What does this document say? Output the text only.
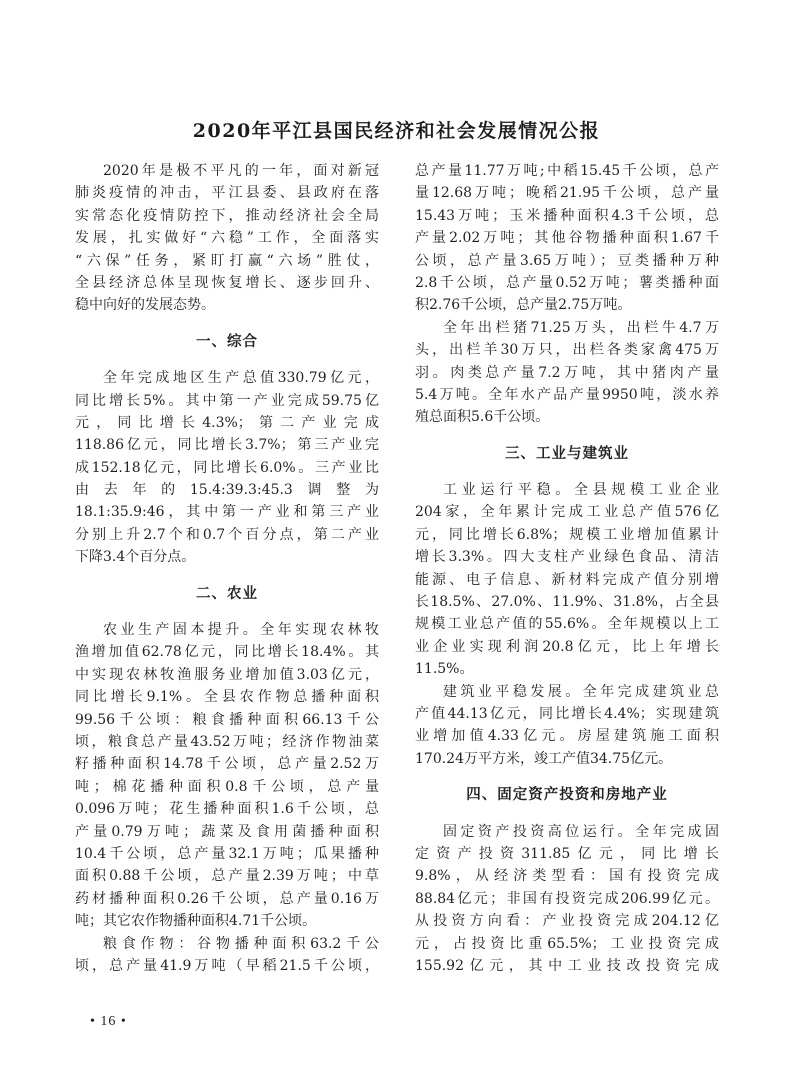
2020年平江县国民经济和社会发展情况公报
2020年是极不平凡的一年，面对新冠
肺炎疫情的冲击，平江县委、县政府在落
实常态化疫情防控下，推动经济社会全局
发展，扎实做好“六稳”工作，全面落实
“六保”任务，紧盯打赢“六场”胜仗，
全县经济总体呈现恢复增长、逐步回升、
稳中向好的发展态势。
一、综合
全年完成地区生产总值330.79亿元，
同比增长5%。其中第一产业完成59.75亿
元，同比增长4.3%；第二产业完成
118.86亿元，同比增长3.7%；第三产业完
成152.18亿元，同比增长6.0%。三产业比
由去年的15.4:39.3:45.3调整为
18.1:35.9:46，其中第一产业和第三产业
分别上升2.7个和0.7个百分点，第二产业
下降3.4个百分点。
二、农业
农业生产固本提升。全年实现农林牧
渔增加值62.78亿元，同比增长18.4%。其
中实现农林牧渔服务业增加值3.03亿元，
同比增长9.1%。全县农作物总播种面积
99.56千公顷：粮食播种面积66.13千公
顷，粮食总产量43.52万吨；经济作物油菜
籽播种面积14.78千公顷，总产量2.52万
吨；棉花播种面积0.8千公顷，总产量
0.096万吨；花生播种面积1.6千公顷，总
产量0.79万吨；蔬菜及食用菌播种面积
10.4千公顷，总产量32.1万吨；瓜果播种
面积0.88千公顷，总产量2.39万吨；中草
药材播种面积0.26千公顷，总产量0.16万
吨；其它农作物播种面积4.71千公顷。
粮食作物：谷物播种面积63.2千公
顷，总产量41.9万吨（早稻21.5千公顷，
总产量11.77万吨;中稻15.45千公顷，总产
量12.68万吨；晚稻21.95千公顷，总产量
15.43万吨；玉米播种面积4.3千公顷，总
产量2.02万吨；其他谷物播种面积1.67千
公顷，总产量3.65万吨）；豆类播种万种
2.8千公顷，总产量0.52万吨；薯类播种面
积2.76千公顷，总产量2.75万吨。
全年出栏猪71.25万头，出栏牛4.7万
头，出栏羊30万只，出栏各类家禽475万
羽。肉类总产量7.2万吨，其中猪肉产量
5.4万吨。全年水产品产量9950吨，淡水养
殖总面积5.6千公顷。
三、工业与建筑业
工业运行平稳。全县规模工业企业
204家，全年累计完成工业总产值576亿
元，同比增长6.8%；规模工业增加值累计
增长3.3%。四大支柱产业绿色食品、清洁
能源、电子信息、新材料完成产值分别增
长18.5%、27.0%、11.9%、31.8%，占全县
规模工业总产值的55.6%。全年规模以上工
业企业实现利润20.8亿元，比上年增长
11.5%。
建筑业平稳发展。全年完成建筑业总
产值44.13亿元，同比增长4.4%；实现建筑
业增加值4.33亿元。房屋建筑施工面积
170.24万平方米，竣工产值34.75亿元。
四、固定资产投资和房地产业
固定资产投资高位运行。全年完成固
定资产投资311.85亿元，同比增长
9.8%，从经济类型看：国有投资完成
88.84亿元；非国有投资完成206.99亿元。
从投资方向看：产业投资完成204.12亿
元，占投资比重65.5%；工业投资完成
155.92亿元，其中工业技改投资完成
• 16 •
